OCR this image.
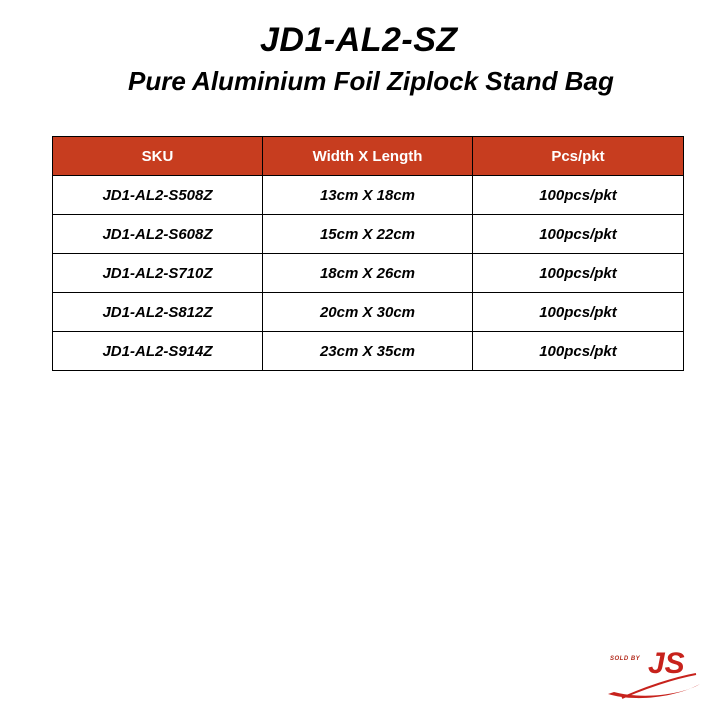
JD1-AL2-SZ
Pure Aluminium Foil Ziplock Stand Bag
SKU	Width X Length	Pcs/pkt
JD1-AL2-S508Z	13cm X 18cm	100pcs/pkt
JD1-AL2-S608Z	15cm X 22cm	100pcs/pkt
JD1-AL2-S710Z	18cm X 26cm	100pcs/pkt
JD1-AL2-S812Z	20cm X 30cm	100pcs/pkt
JD1-AL2-S914Z	23cm X 35cm	100pcs/pkt
SOLD BY JS
